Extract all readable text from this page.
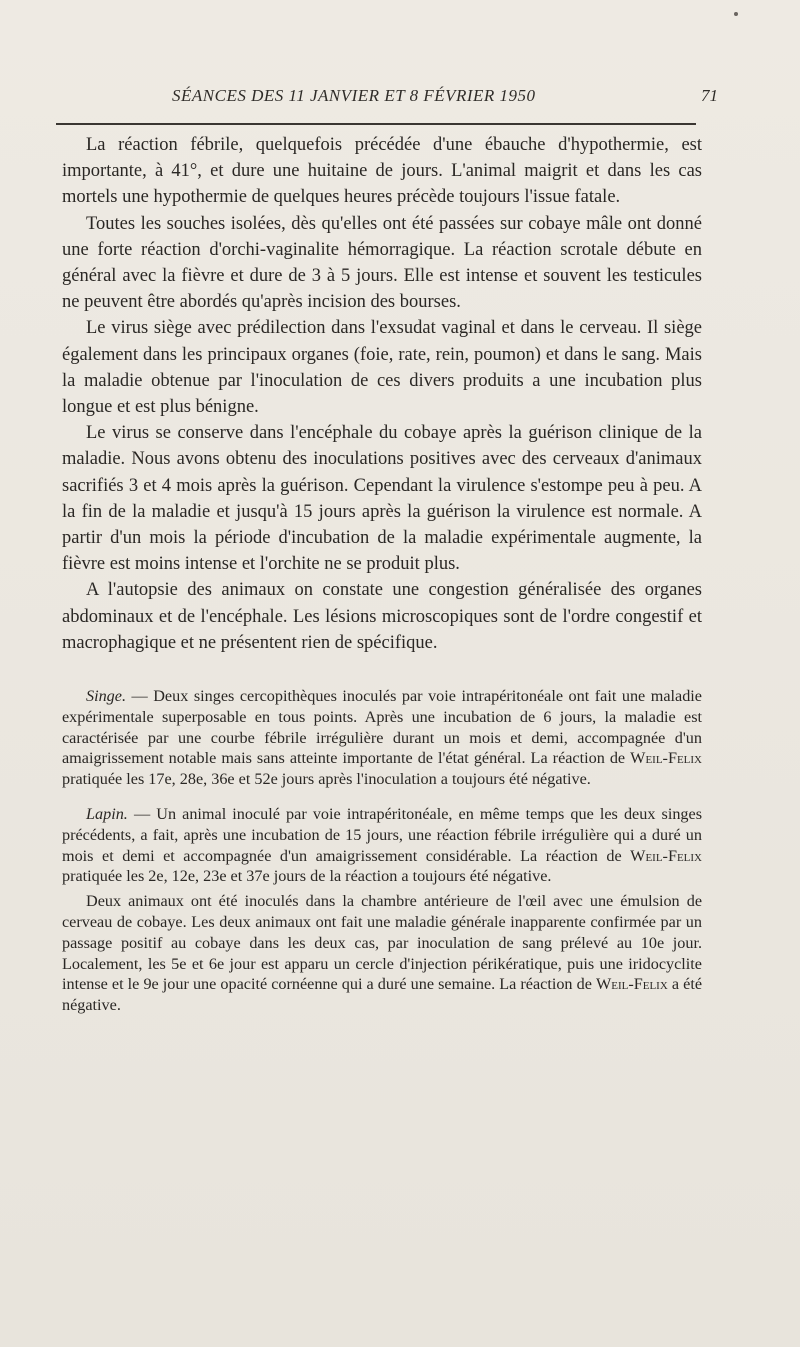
SÉANCES DES 11 JANVIER ET 8 FÉVRIER 1950	71

La réaction fébrile, quelquefois précédée d'une ébauche d'hypothermie, est importante, à 41°, et dure une huitaine de jours. L'animal maigrit et dans les cas mortels une hypothermie de quelques heures précède toujours l'issue fatale.

Toutes les souches isolées, dès qu'elles ont été passées sur cobaye mâle ont donné une forte réaction d'orchi-vaginalite hémorragique. La réaction scrotale débute en général avec la fièvre et dure de 3 à 5 jours. Elle est intense et souvent les testicules ne peuvent être abordés qu'après incision des bourses.

Le virus siège avec prédilection dans l'exsudat vaginal et dans le cerveau. Il siège également dans les principaux organes (foie, rate, rein, poumon) et dans le sang. Mais la maladie obtenue par l'inoculation de ces divers produits a une incubation plus longue et est plus bénigne.

Le virus se conserve dans l'encéphale du cobaye après la guérison clinique de la maladie. Nous avons obtenu des inoculations positives avec des cerveaux d'animaux sacrifiés 3 et 4 mois après la guérison. Cependant la virulence s'estompe peu à peu. A la fin de la maladie et jusqu'à 15 jours après la guérison la virulence est normale. A partir d'un mois la période d'incubation de la maladie expérimentale augmente, la fièvre est moins intense et l'orchite ne se produit plus.

A l'autopsie des animaux on constate une congestion généralisée des organes abdominaux et de l'encéphale. Les lésions microscopiques sont de l'ordre congestif et macrophagique et ne présentent rien de spécifique.

Singe. — Deux singes cercopithèques inoculés par voie intrapéritonéale ont fait une maladie expérimentale superposable en tous points. Après une incubation de 6 jours, la maladie est caractérisée par une courbe fébrile irrégulière durant un mois et demi, accompagnée d'un amaigrissement notable mais sans atteinte importante de l'état général. La réaction de Weil-Felix pratiquée les 17e, 28e, 36e et 52e jours après l'inoculation a toujours été négative.

Lapin. — Un animal inoculé par voie intrapéritonéale, en même temps que les deux singes précédents, a fait, après une incubation de 15 jours, une réaction fébrile irrégulière qui a duré un mois et demi et accompagnée d'un amaigrissement considérable. La réaction de Weil-Felix pratiquée les 2e, 12e, 23e et 37e jours de la réaction a toujours été négative.

Deux animaux ont été inoculés dans la chambre antérieure de l'œil avec une émulsion de cerveau de cobaye. Les deux animaux ont fait une maladie générale inapparente confirmée par un passage positif au cobaye dans les deux cas, par inoculation de sang prélevé au 10e jour. Localement, les 5e et 6e jour est apparu un cercle d'injection périkératique, puis une iridocyclite intense et le 9e jour une opacité cornéenne qui a duré une semaine. La réaction de Weil-Felix a été négative.
